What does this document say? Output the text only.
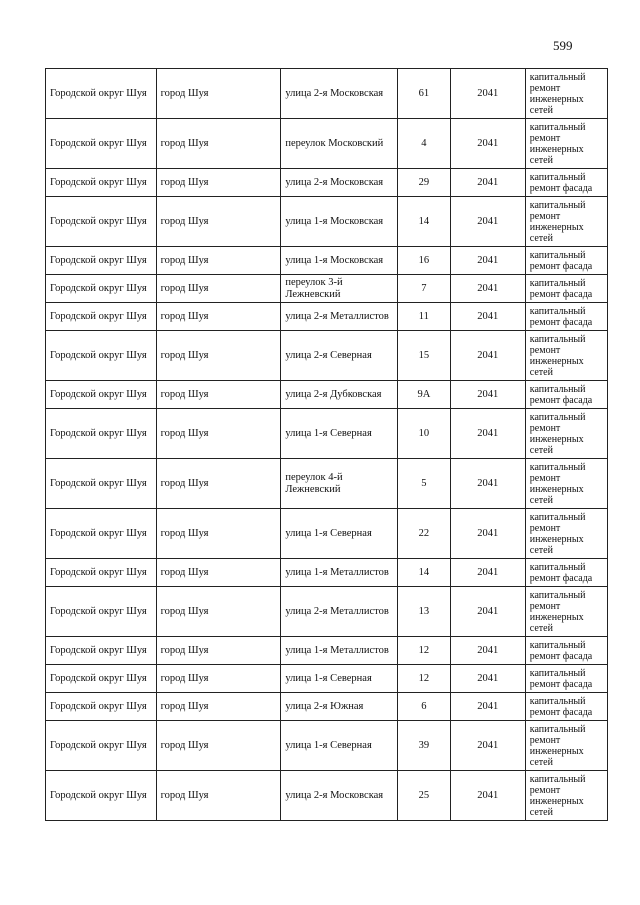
599
Городской округ Шуя	город Шуя	улица 2-я Московская	61	2041	капитальный ремонт инженерных сетей
Городской округ Шуя	город Шуя	переулок Московский	4	2041	капитальный ремонт инженерных сетей
Городской округ Шуя	город Шуя	улица 2-я Московская	29	2041	капитальный ремонт фасада
Городской округ Шуя	город Шуя	улица 1-я Московская	14	2041	капитальный ремонт инженерных сетей
Городской округ Шуя	город Шуя	улица 1-я Московская	16	2041	капитальный ремонт фасада
Городской округ Шуя	город Шуя	переулок 3-й Лежневский	7	2041	капитальный ремонт фасада
Городской округ Шуя	город Шуя	улица 2-я Металлистов	11	2041	капитальный ремонт фасада
Городской округ Шуя	город Шуя	улица 2-я Северная	15	2041	капитальный ремонт инженерных сетей
Городской округ Шуя	город Шуя	улица 2-я Дубковская	9А	2041	капитальный ремонт фасада
Городской округ Шуя	город Шуя	улица 1-я Северная	10	2041	капитальный ремонт инженерных сетей
Городской округ Шуя	город Шуя	переулок 4-й Лежневский	5	2041	капитальный ремонт инженерных сетей
Городской округ Шуя	город Шуя	улица 1-я Северная	22	2041	капитальный ремонт инженерных сетей
Городской округ Шуя	город Шуя	улица 1-я Металлистов	14	2041	капитальный ремонт фасада
Городской округ Шуя	город Шуя	улица 2-я Металлистов	13	2041	капитальный ремонт инженерных сетей
Городской округ Шуя	город Шуя	улица 1-я Металлистов	12	2041	капитальный ремонт фасада
Городской округ Шуя	город Шуя	улица 1-я Северная	12	2041	капитальный ремонт фасада
Городской округ Шуя	город Шуя	улица 2-я Южная	6	2041	капитальный ремонт фасада
Городской округ Шуя	город Шуя	улица 1-я Северная	39	2041	капитальный ремонт инженерных сетей
Городской округ Шуя	город Шуя	улица 2-я Московская	25	2041	капитальный ремонт инженерных сетей
